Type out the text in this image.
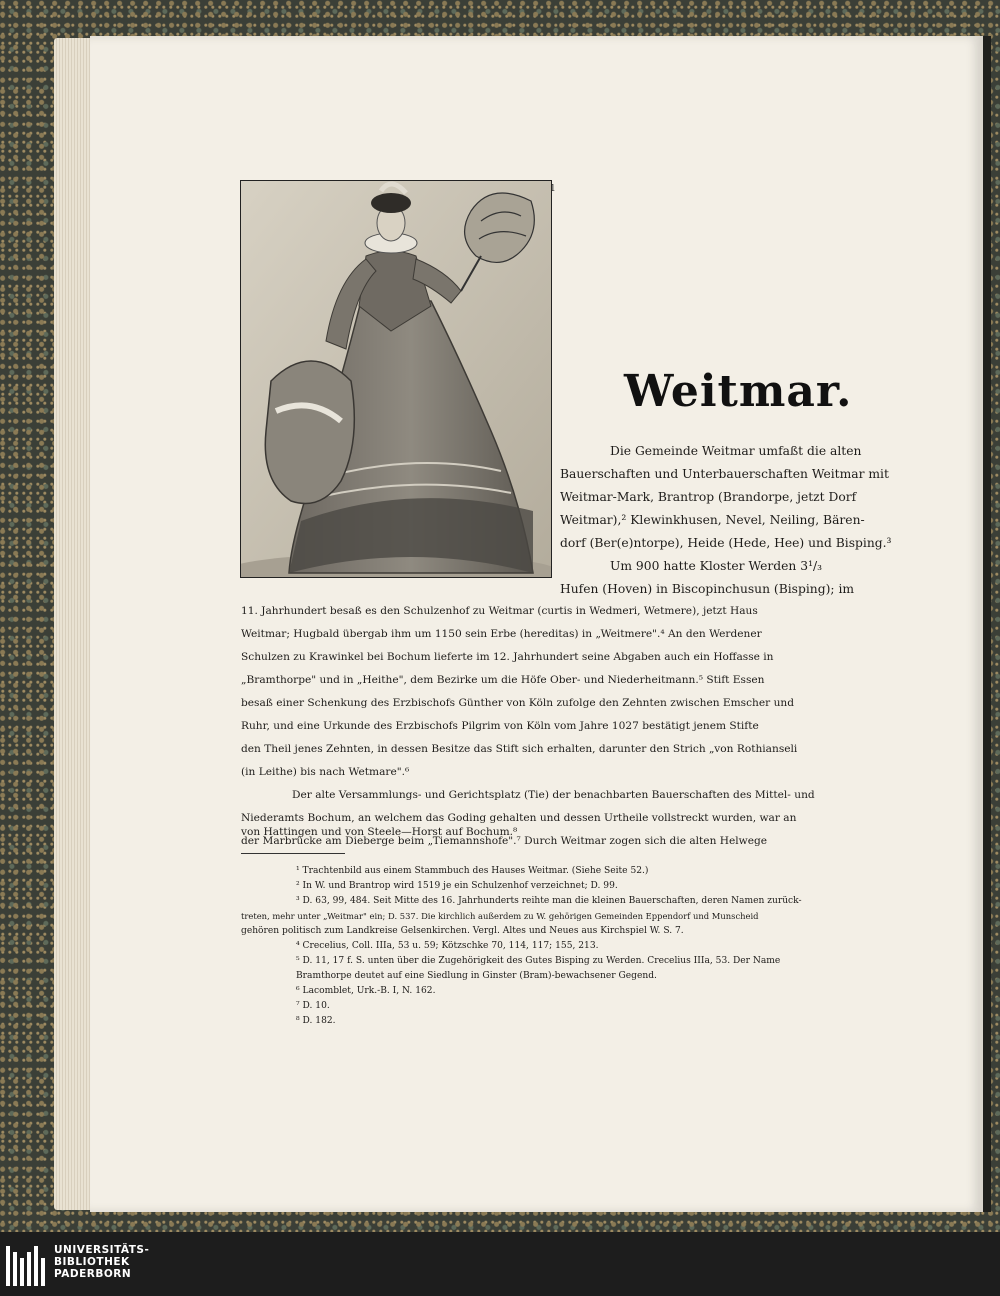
1
Weitmar.
Die Gemeinde Weitmar umfaßt die alten
Bauerschaften und Unterbauerschaften Weitmar mit
Weitmar-Mark, Brantrop (Brandorpe, jetzt Dorf
Weitmar),² Klewinkhusen, Nevel, Neiling, Bären-
dorf (Ber(e)ntorpe), Heide (Hede, Hee) und Bisping.³
Um 900 hatte Kloster Werden 3¹/₃
Hufen (Hoven) in Biscopinchusun (Bisping); im
11. Jahrhundert besaß es den Schulzenhof zu Weitmar (curtis in Wedmeri, Wetmere), jetzt Haus
Weitmar; Hugbald übergab ihm um 1150 sein Erbe (hereditas) in „Weitmere".⁴ An den Werdener
Schulzen zu Krawinkel bei Bochum lieferte im 12. Jahrhundert seine Abgaben auch ein Hoffasse in
„Bramthorpe" und in „Heithe", dem Bezirke um die Höfe Ober- und Niederheitmann.⁵ Stift Essen
besaß einer Schenkung des Erzbischofs Günther von Köln zufolge den Zehnten zwischen Emscher und
Ruhr, und eine Urkunde des Erzbischofs Pilgrim von Köln vom Jahre 1027 bestätigt jenem Stifte
den Theil jenes Zehnten, in dessen Besitze das Stift sich erhalten, darunter den Strich „von Rothianseli
(in Leithe) bis nach Wetmare".⁶
Der alte Versammlungs- und Gerichtsplatz (Tie) der benachbarten Bauerschaften des Mittel- und
Niederamts Bochum, an welchem das Goding gehalten und dessen Urtheile vollstreckt wurden, war an
der Marbrücke am Dieberge beim „Tiemannshofe".⁷ Durch Weitmar zogen sich die alten Helwege
von Hattingen und von Steele—Horst auf Bochum.⁸
¹ Trachtenbild aus einem Stammbuch des Hauses Weitmar. (Siehe Seite 52.)
² In W. und Brantrop wird 1519 je ein Schulzenhof verzeichnet; D. 99.
³ D. 63, 99, 484. Seit Mitte des 16. Jahrhunderts reihte man die kleinen Bauerschaften, deren Namen zurück-
treten, mehr unter „Weitmar" ein; D. 537. Die kirchlich außerdem zu W. gehörigen Gemeinden Eppendorf und Munscheid
gehören politisch zum Landkreise Gelsenkirchen. Vergl. Altes und Neues aus Kirchspiel W. S. 7.
⁴ Crecelius, Coll. IIIa, 53 u. 59; Kötzschke 70, 114, 117; 155, 213.
⁵ D. 11, 17 f. S. unten über die Zugehörigkeit des Gutes Bisping zu Werden. Crecelius IIIa, 53. Der Name
Bramthorpe deutet auf eine Siedlung in Ginster (Bram)-bewachsener Gegend.
⁶ Lacomblet, Urk.-B. I, N. 162.
⁷ D. 10.
⁸ D. 182.
UNIVERSITÄTS-
BIBLIOTHEK
PADERBORN
